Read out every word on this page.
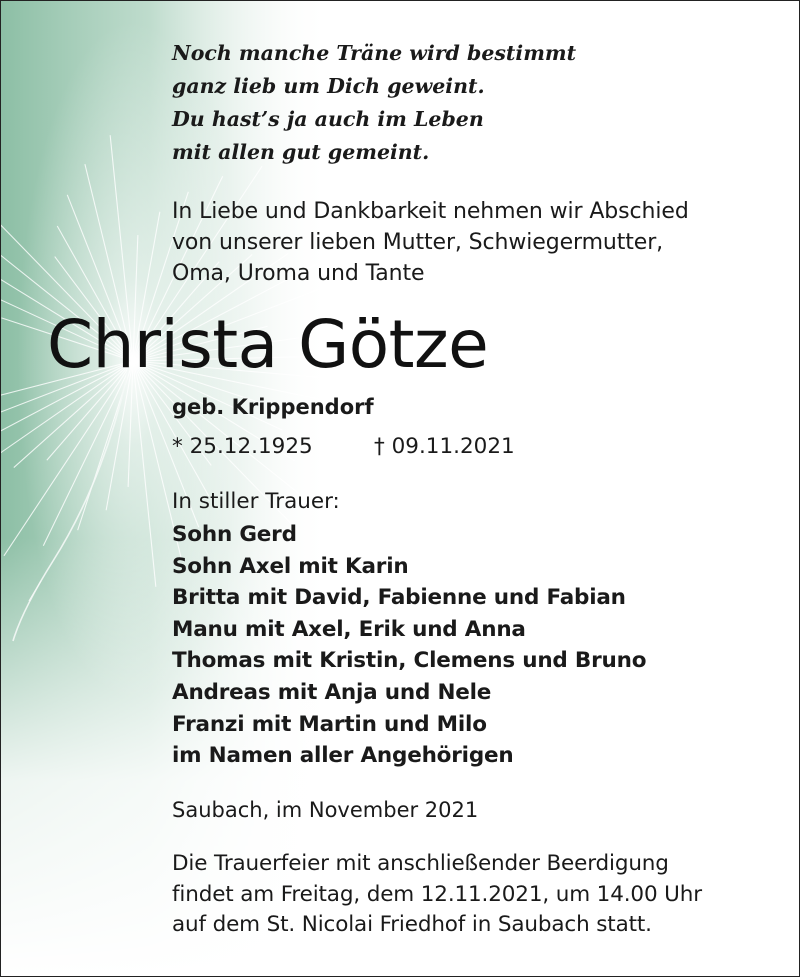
Noch manche Träne wird bestimmt
ganz lieb um Dich geweint.
Du hast’s ja auch im Leben
mit allen gut gemeint.
In Liebe und Dankbarkeit nehmen wir Abschied
von unserer lieben Mutter, Schwiegermutter,
Oma, Uroma und Tante
Christa Götze
geb. Krippendorf
* 25.12.1925	† 09.11.2021
In stiller Trauer:
Sohn Gerd
Sohn Axel mit Karin
Britta mit David, Fabienne und Fabian
Manu mit Axel, Erik und Anna
Thomas mit Kristin, Clemens und Bruno
Andreas mit Anja und Nele
Franzi mit Martin und Milo
im Namen aller Angehörigen
Saubach, im November 2021
Die Trauerfeier mit anschließender Beerdigung
findet am Freitag, dem 12.11.2021, um 14.00 Uhr
auf dem St. Nicolai Friedhof in Saubach statt.
